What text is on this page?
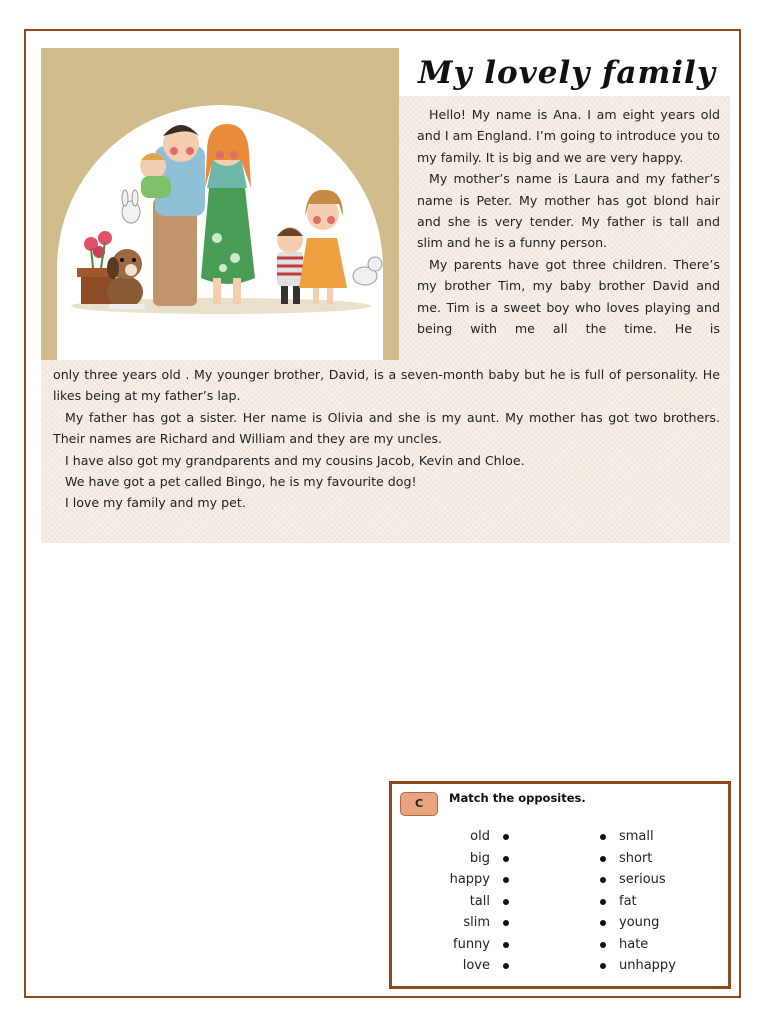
My lovely family

Hello! My name is Ana. I am eight years old and I am England. I’m going to introduce you to my family. It is big and we are very happy.

My mother’s name is Laura and my father’s name is Peter. My mother has got blond hair and she is very tender. My father is tall and slim and he is a funny person.

My parents have got three children. There’s my brother Tim, my baby brother David and me. Tim is a sweet boy who loves playing and being with me all the time. He is

only three years old . My younger brother, David, is a seven-month baby but he is full of personality. He likes being at my father’s lap.

My father has got a sister. Her name is Olivia and she is my aunt. My mother has got two brothers. Their names are Richard and William and they are my uncles.

I have also got my grandparents and my cousins Jacob, Kevin and Chloe.

We have got a pet called Bingo, he is my favourite dog!

I love my family and my pet.

C	Match the opposites.
old
big
happy
tall
slim
funny
love
small
short
serious
fat
young
hate
unhappy
